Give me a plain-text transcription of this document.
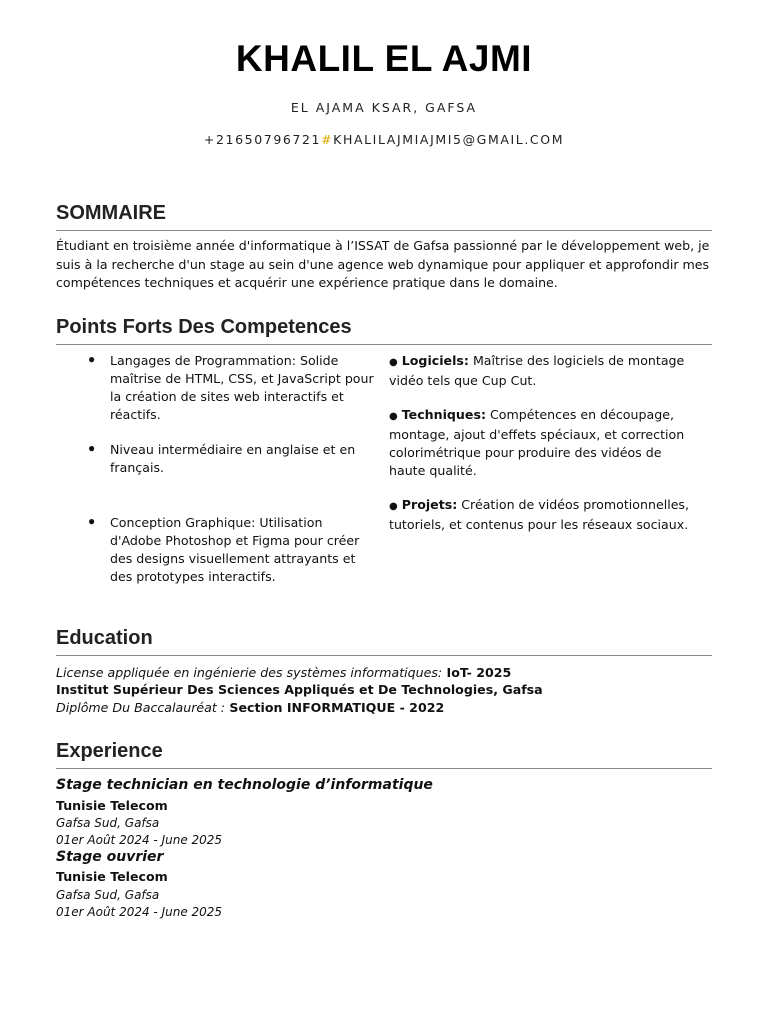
KHALIL EL AJMI
EL AJAMA KSAR, GAFSA
+21650796721#KHALILAJMIAJMI5@GMAIL.COM
SOMMAIRE
Étudiant en troisième année d'informatique à l’ISSAT de Gafsa passionné par le développement web, je suis à la recherche d'un stage au sein d'une agence web dynamique pour appliquer et approfondir mes compétences techniques et acquérir une expérience pratique dans le domaine.
Points Forts Des Competences
● Langages de Programmation: Solide maîtrise de HTML, CSS, et JavaScript pour la création de sites web interactifs et réactifs.
● Niveau intermédiaire en anglaise et en français.
● Conception Graphique: Utilisation d'Adobe Photoshop et Figma pour créer des designs visuellement attrayants et des prototypes interactifs.
● Logiciels: Maîtrise des logiciels de montage vidéo tels que Cup Cut.
● Techniques: Compétences en découpage, montage, ajout d'effets spéciaux, et correction colorimétrique pour produire des vidéos de haute qualité.
● Projets: Création de vidéos promotionnelles, tutoriels, et contenus pour les réseaux sociaux.
Education
License appliquée en ingénierie des systèmes informatiques: IoT- 2025
Institut Supérieur Des Sciences Appliqués et De Technologies, Gafsa
Diplôme Du Baccalauréat : Section INFORMATIQUE - 2022
Experience
Stage technician en technologie d’informatique
Tunisie Telecom
Gafsa Sud, Gafsa
01er Août 2024 - June 2025
Stage ouvrier
Tunisie Telecom
Gafsa Sud, Gafsa
01er Août 2024 - June 2025
